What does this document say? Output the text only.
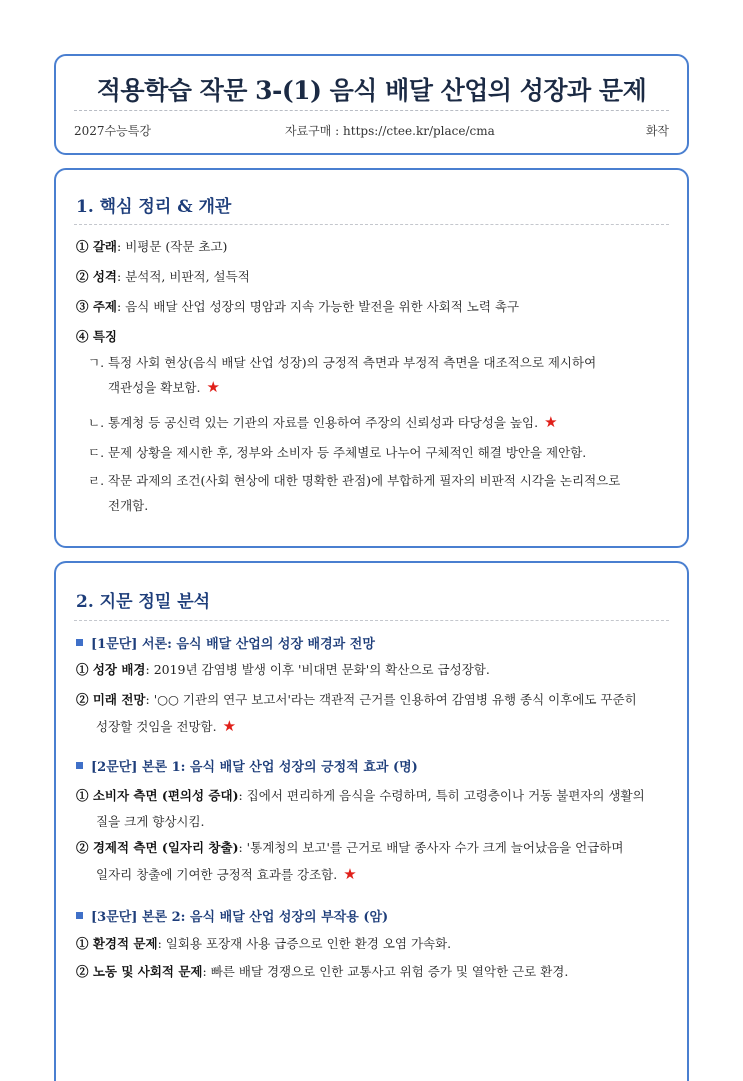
적용학습 작문 3-(1) 음식 배달 산업의 성장과 문제
2027수능특강	자료구매 : https://ctee.kr/place/cma	화작
1. 핵심 정리 & 개관
① 갈래: 비평문 (작문 초고)
② 성격: 분석적, 비판적, 설득적
③ 주제: 음식 배달 산업 성장의 명암과 지속 가능한 발전을 위한 사회적 노력 촉구
④ 특징
ㄱ. 특정 사회 현상(음식 배달 산업 성장)의 긍정적 측면과 부정적 측면을 대조적으로 제시하여
객관성을 확보함. ★
ㄴ. 통계청 등 공신력 있는 기관의 자료를 인용하여 주장의 신뢰성과 타당성을 높임. ★
ㄷ. 문제 상황을 제시한 후, 정부와 소비자 등 주체별로 나누어 구체적인 해결 방안을 제안함.
ㄹ. 작문 과제의 조건(사회 현상에 대한 명확한 관점)에 부합하게 필자의 비판적 시각을 논리적으로
전개함.
2. 지문 정밀 분석
[1문단] 서론: 음식 배달 산업의 성장 배경과 전망
① 성장 배경: 2019년 감염병 발생 이후 '비대면 문화'의 확산으로 급성장함.
② 미래 전망: '○○ 기관의 연구 보고서'라는 객관적 근거를 인용하여 감염병 유행 종식 이후에도 꾸준히
성장할 것임을 전망함. ★
[2문단] 본론 1: 음식 배달 산업 성장의 긍정적 효과 (명)
① 소비자 측면 (편의성 증대): 집에서 편리하게 음식을 수령하며, 특히 고령층이나 거동 불편자의 생활의
질을 크게 향상시킴.
② 경제적 측면 (일자리 창출): '통계청의 보고'를 근거로 배달 종사자 수가 크게 늘어났음을 언급하며
일자리 창출에 기여한 긍정적 효과를 강조함. ★
[3문단] 본론 2: 음식 배달 산업 성장의 부작용 (암)
① 환경적 문제: 일회용 포장재 사용 급증으로 인한 환경 오염 가속화.
② 노동 및 사회적 문제: 빠른 배달 경쟁으로 인한 교통사고 위험 증가 및 열악한 근로 환경.
